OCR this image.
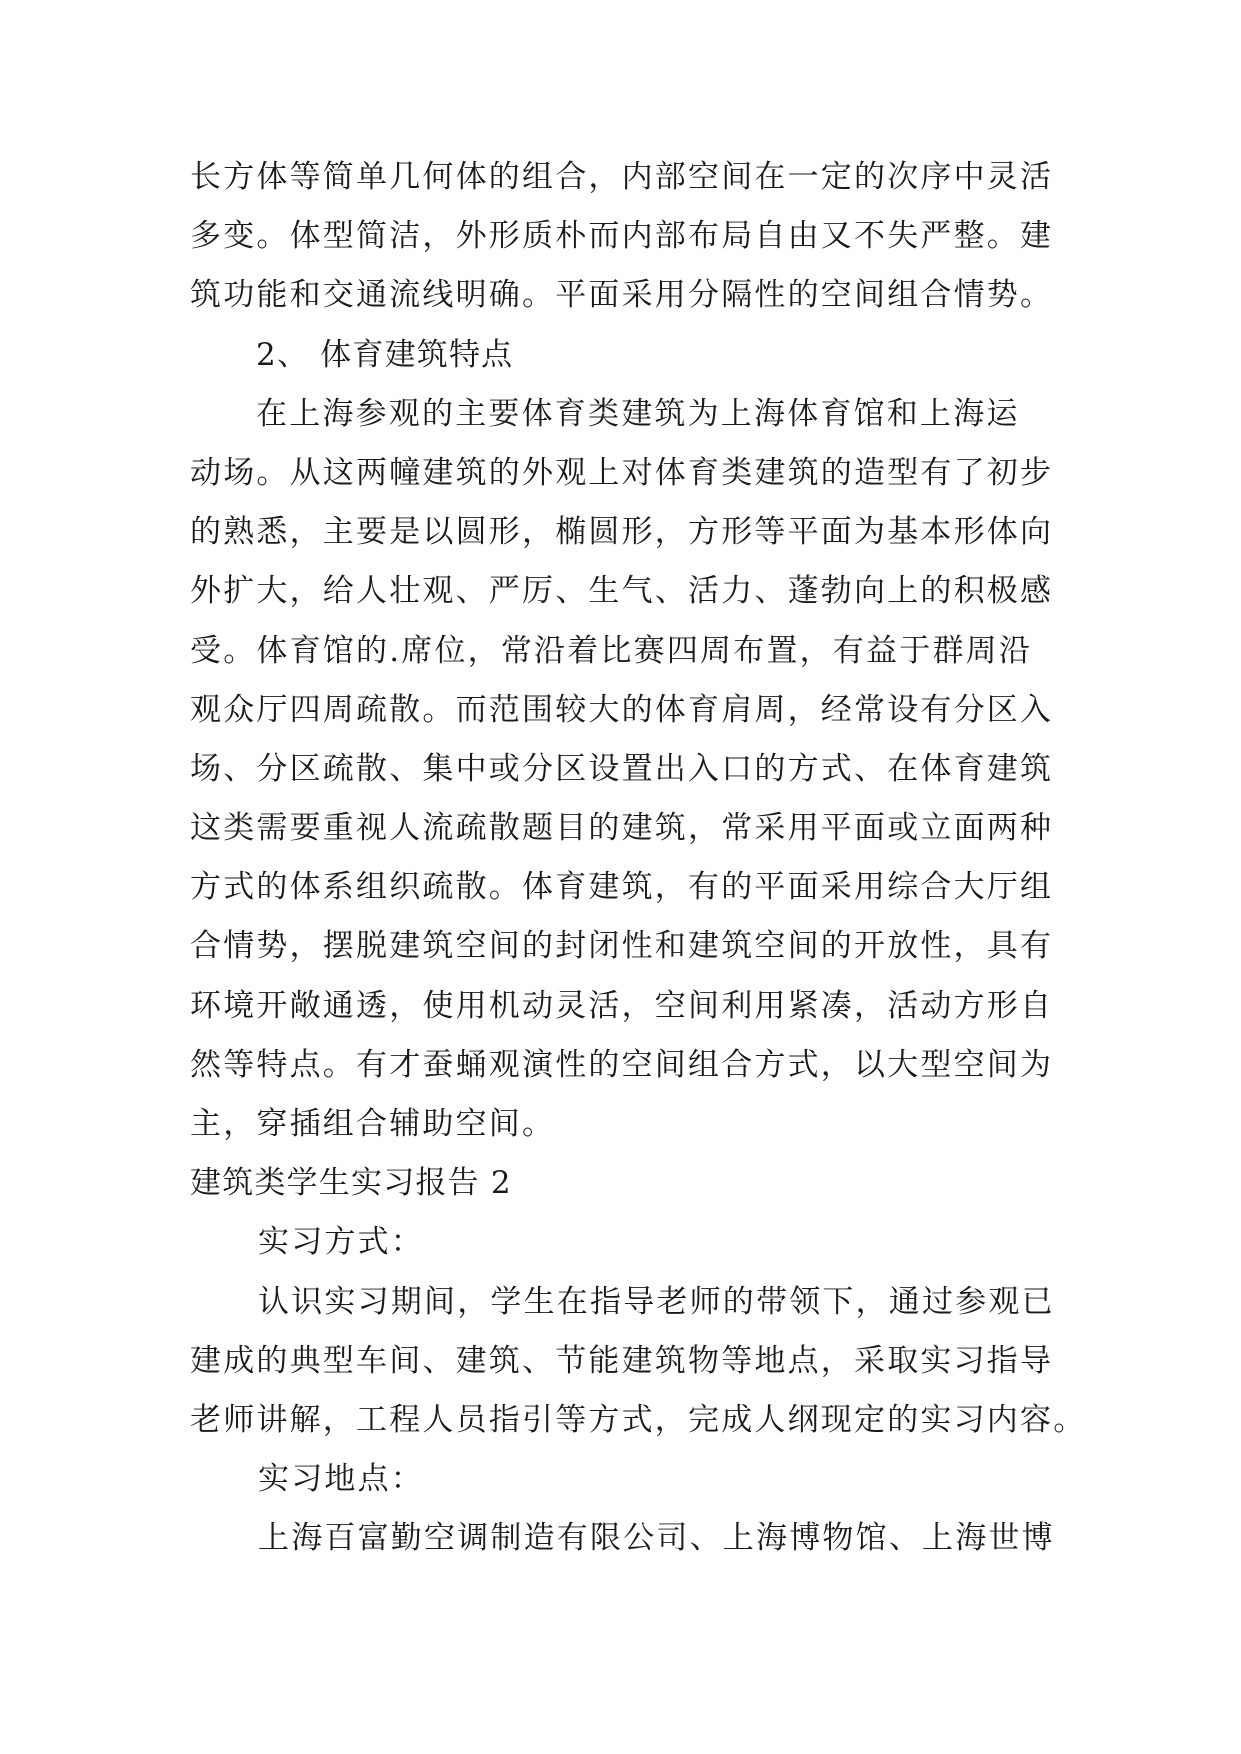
长方体等简单几何体的组合，内部空间在一定的次序中灵活
多变。体型简洁，外形质朴而内部布局自由又不失严整。建
筑功能和交通流线明确。平面采用分隔性的空间组合情势。
2、 体育建筑特点
在上海参观的主要体育类建筑为上海体育馆和上海运
动场。从这两幢建筑的外观上对体育类建筑的造型有了初步
的熟悉，主要是以圆形，椭圆形，方形等平面为基本形体向
外扩大，给人壮观、严厉、生气、活力、蓬勃向上的积极感
受。体育馆的.席位，常沿着比赛四周布置，有益于群周沿
观众厅四周疏散。而范围较大的体育肩周，经常设有分区入
场、分区疏散、集中或分区设置出入口的方式、在体育建筑
这类需要重视人流疏散题目的建筑，常采用平面或立面两种
方式的体系组织疏散。体育建筑，有的平面采用综合大厅组
合情势，摆脱建筑空间的封闭性和建筑空间的开放性，具有
环境开敞通透，使用机动灵活，空间利用紧凑，活动方形自
然等特点。有才蚕蛹观演性的空间组合方式，以大型空间为
主，穿插组合辅助空间。
建筑类学生实习报告 2
实习方式：
认识实习期间，学生在指导老师的带领下，通过参观已
建成的典型车间、建筑、节能建筑物等地点，采取实习指导
老师讲解，工程人员指引等方式，完成人纲现定的实习内容。
实习地点：
上海百富勤空调制造有限公司、上海博物馆、上海世博
